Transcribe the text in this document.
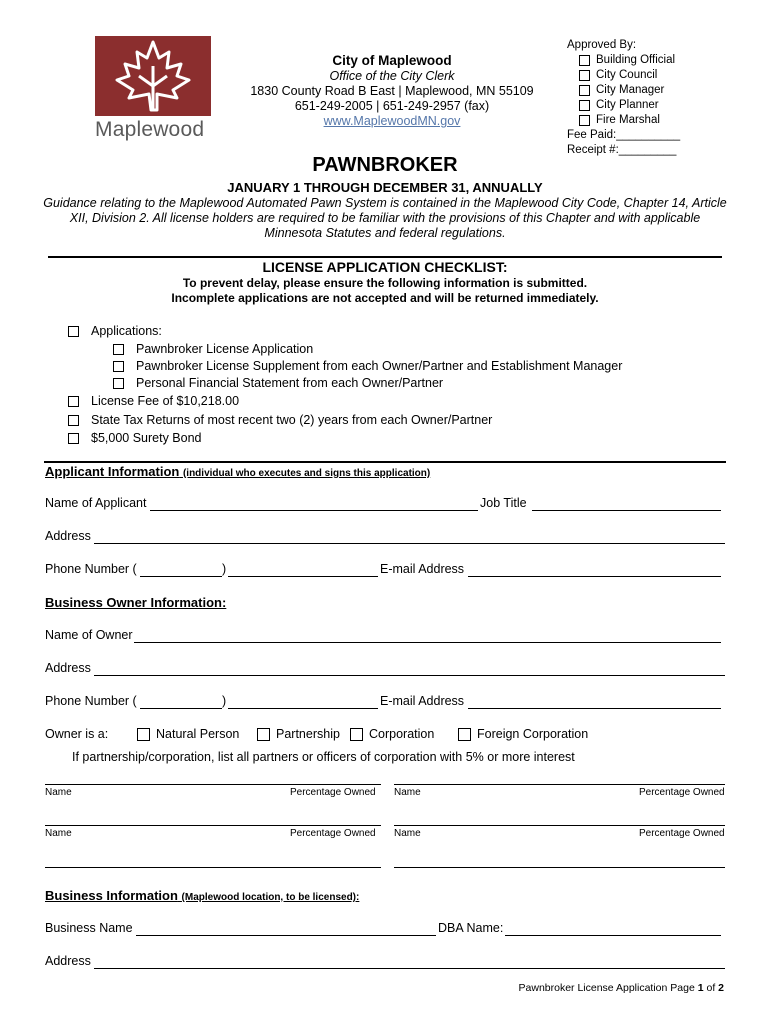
Maplewood
City of Maplewood
Office of the City Clerk
1830 County Road B East | Maplewood, MN 55109
651-249-2005 | 651-249-2957 (fax)
www.MaplewoodMN.gov
Approved By:
Building Official
City Council
City Manager
City Planner
Fire Marshal
Fee Paid:__________
Receipt #:_________
PAWNBROKER
JANUARY 1 THROUGH DECEMBER 31, ANNUALLY
Guidance relating to the Maplewood Automated Pawn System is contained in the Maplewood City Code, Chapter 14, Article XII, Division 2. All license holders are required to be familiar with the provisions of this Chapter and with applicable Minnesota Statutes and federal regulations.
LICENSE APPLICATION CHECKLIST:
To prevent delay, please ensure the following information is submitted.
Incomplete applications are not accepted and will be returned immediately.
Applications:
Pawnbroker License Application
Pawnbroker License Supplement from each Owner/Partner and Establishment Manager
Personal Financial Statement from each Owner/Partner
License Fee of $10,218.00
State Tax Returns of most recent two (2) years from each Owner/Partner
$5,000 Surety Bond
Applicant Information (individual who executes and signs this application)
Name of Applicant	Job Title
Address
Phone Number (	)	E-mail Address
Business Owner Information:
Name of Owner
Address
Phone Number (	)	E-mail Address
Owner is a:	Natural Person	Partnership Corporation	Foreign Corporation
If partnership/corporation, list all partners or officers of corporation with 5% or more interest
Name	Percentage Owned Name	Percentage Owned
Name	Percentage Owned Name	Percentage Owned
Business Information (Maplewood location, to be licensed):
Business Name	DBA Name:
Address
Pawnbroker License Application Page 1 of 2
